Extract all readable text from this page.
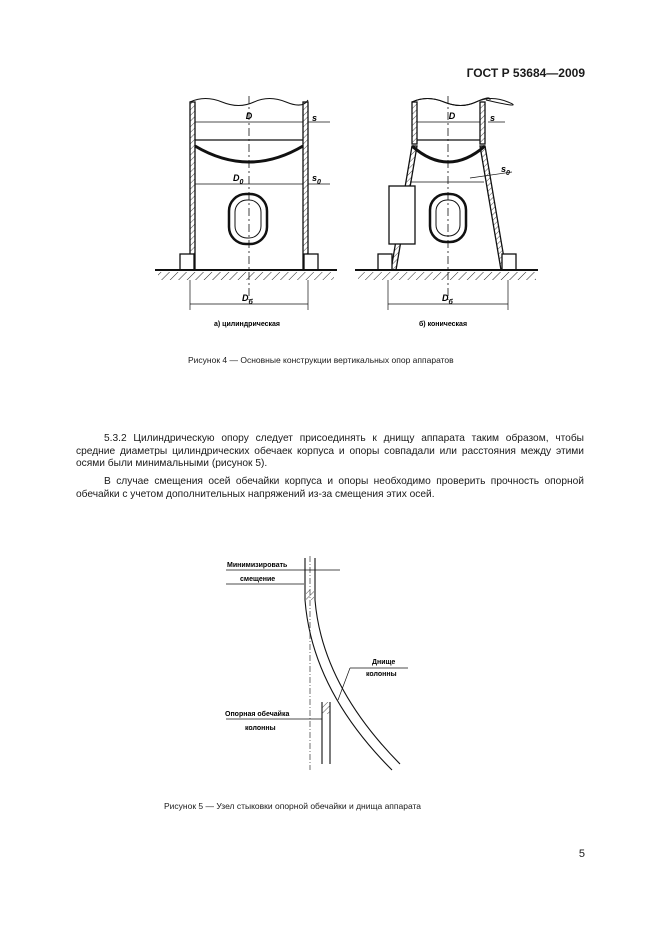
ГОСТ Р 53684—2009
D	s
$D_0$	$s_0$
$D_б$
а) цилиндрическая
D	s
$s_0$
$D_б$
б) коническая
Рисунок 4 — Основные конструкции вертикальных опор аппаратов
5.3.2 Цилиндрическую опору следует присоединять к днищу аппарата таким образом, чтобы средние диаметры цилиндрических обечаек корпуса и опоры совпадали или расстояния между этими осями были минимальными (рисунок 5).
В случае смещения осей обечайки корпуса и опоры необходимо проверить прочность опорной обечайки с учетом дополнительных напряжений из-за смещения этих осей.
Минимизировать
смещение
Днище
колонны
Опорная обечайка
колонны
Рисунок 5 — Узел стыковки опорной обечайки и днища аппарата
5
